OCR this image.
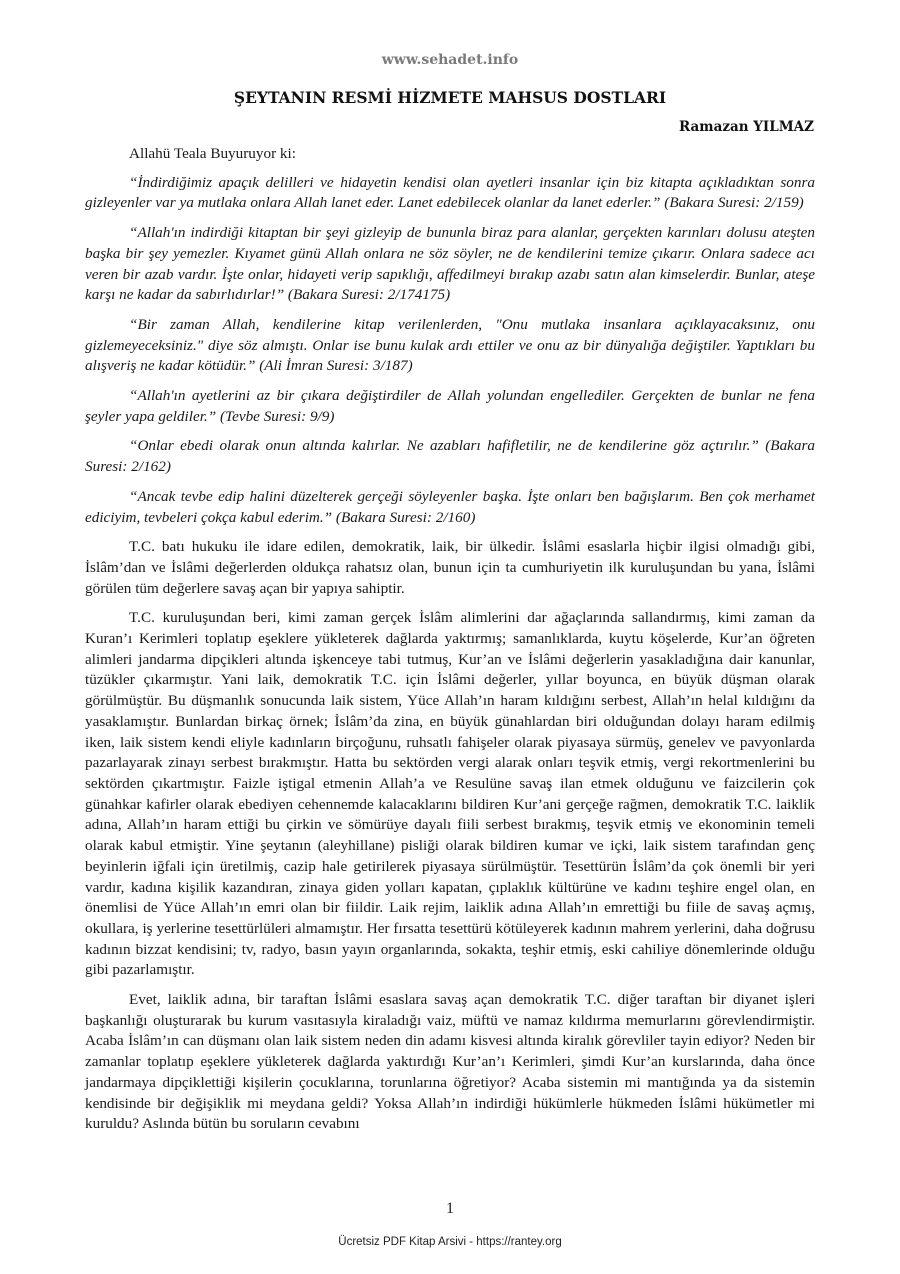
www.sehadet.info
ŞEYTANIN RESMİ HİZMETE MAHSUS DOSTLARI
Ramazan YILMAZ

Allahü Teala Buyuruyor ki:

“İndirdiğimiz apaçık delilleri ve hidayetin kendisi olan ayetleri insanlar için biz kitapta açıkladıktan sonra gizleyenler var ya mutlaka onlara Allah lanet eder. Lanet edebilecek olanlar da lanet ederler.” (Bakara Suresi: 2/159)

“Allah'ın indirdiği kitaptan bir şeyi gizleyip de bununla biraz para alanlar, gerçekten karınları dolusu ateşten başka bir şey yemezler. Kıyamet günü Allah onlara ne söz söyler, ne de kendilerini temize çıkarır. Onlara sadece acı veren bir azab vardır. İşte onlar, hidayeti verip sapıklığı, affedilmeyi bırakıp azabı satın alan kimselerdir. Bunlar, ateşe karşı ne kadar da sabırlıdırlar!” (Bakara Suresi: 2/174175)

“Bir zaman Allah, kendilerine kitap verilenlerden, "Onu mutlaka insanlara açıklayacaksınız, onu gizlemeyeceksiniz." diye söz almıştı. Onlar ise bunu kulak ardı ettiler ve onu az bir dünyalığa değiştiler. Yaptıkları bu alışveriş ne kadar kötüdür.” (Ali İmran Suresi: 3/187)

“Allah'ın ayetlerini az bir çıkara değiştirdiler de Allah yolundan engellediler. Gerçekten de bunlar ne fena şeyler yapa geldiler.” (Tevbe Suresi: 9/9)

“Onlar ebedi olarak onun altında kalırlar. Ne azabları hafifletilir, ne de kendilerine göz açtırılır.” (Bakara Suresi: 2/162)

“Ancak tevbe edip halini düzelterek gerçeği söyleyenler başka. İşte onları ben bağışlarım. Ben çok merhamet ediciyim, tevbeleri çokça kabul ederim.” (Bakara Suresi: 2/160)

T.C. batı hukuku ile idare edilen, demokratik, laik, bir ülkedir. İslâmi esaslarla hiçbir ilgisi olmadığı gibi, İslâm’dan ve İslâmi değerlerden oldukça rahatsız olan, bunun için ta cumhuriyetin ilk kuruluşundan bu yana, İslâmi görülen tüm değerlere savaş açan bir yapıya sahiptir.

T.C. kuruluşundan beri, kimi zaman gerçek İslâm alimlerini dar ağaçlarında sallandırmış, kimi zaman da Kuran’ı Kerimleri toplatıp eşeklere yükleterek dağlarda yaktırmış; samanlıklarda, kuytu köşelerde, Kur’an öğreten alimleri jandarma dipçikleri altında işkenceye tabi tutmuş, Kur’an ve İslâmi değerlerin yasakladığına dair kanunlar, tüzükler çıkarmıştır. Yani laik, demokratik T.C. için İslâmi değerler, yıllar boyunca, en büyük düşman olarak görülmüştür. Bu düşmanlık sonucunda laik sistem, Yüce Allah’ın haram kıldığını serbest, Allah’ın helal kıldığını da yasaklamıştır. Bunlardan birkaç örnek; İslâm’da zina, en büyük günahlardan biri olduğundan dolayı haram edilmiş iken, laik sistem kendi eliyle kadınların birçoğunu, ruhsatlı fahişeler olarak piyasaya sürmüş, genelev ve pavyonlarda pazarlayarak zinayı serbest bırakmıştır. Hatta bu sektörden vergi alarak onları teşvik etmiş, vergi rekortmenlerini bu sektörden çıkartmıştır. Faizle iştigal etmenin Allah’a ve Resulüne savaş ilan etmek olduğunu ve faizcilerin çok günahkar kafirler olarak ebediyen cehennemde kalacaklarını bildiren Kur’ani gerçeğe rağmen, demokratik T.C. laiklik adına, Allah’ın haram ettiği bu çirkin ve sömürüye dayalı fiili serbest bırakmış, teşvik etmiş ve ekonominin temeli olarak kabul etmiştir. Yine şeytanın (aleyhillane) pisliği olarak bildiren kumar ve içki, laik sistem tarafından genç beyinlerin iğfali için üretilmiş, cazip hale getirilerek piyasaya sürülmüştür. Tesettürün İslâm’da çok önemli bir yeri vardır, kadına kişilik kazandıran, zinaya giden yolları kapatan, çıplaklık kültürüne ve kadını teşhire engel olan, en önemlisi de Yüce Allah’ın emri olan bir fiildir. Laik rejim, laiklik adına Allah’ın emrettiği bu fiile de savaş açmış, okullara, iş yerlerine tesettürlüleri almamıştır. Her fırsatta tesettürü kötüleyerek kadının mahrem yerlerini, daha doğrusu kadının bizzat kendisini; tv, radyo, basın yayın organlarında, sokakta, teşhir etmiş, eski cahiliye dönemlerinde olduğu gibi pazarlamıştır.

Evet, laiklik adına, bir taraftan İslâmi esaslara savaş açan demokratik T.C. diğer taraftan bir diyanet işleri başkanlığı oluşturarak bu kurum vasıtasıyla kiraladığı vaiz, müftü ve namaz kıldırma memurlarını görevlendirmiştir. Acaba İslâm’ın can düşmanı olan laik sistem neden din adamı kisvesi altında kiralık görevliler tayin ediyor? Neden bir zamanlar toplatıp eşeklere yükleterek dağlarda yaktırdığı Kur’an’ı Kerimleri, şimdi Kur’an kurslarında, daha önce jandarmaya dipçiklettiği kişilerin çocuklarına, torunlarına öğretiyor? Acaba sistemin mi mantığında ya da sistemin kendisinde bir değişiklik mi meydana geldi? Yoksa Allah’ın indirdiği hükümlerle hükmeden İslâmi hükümetler mi kuruldu? Aslında bütün bu soruların cevabını

1
Ücretsiz PDF Kitap Arsivi - https://rantey.org
